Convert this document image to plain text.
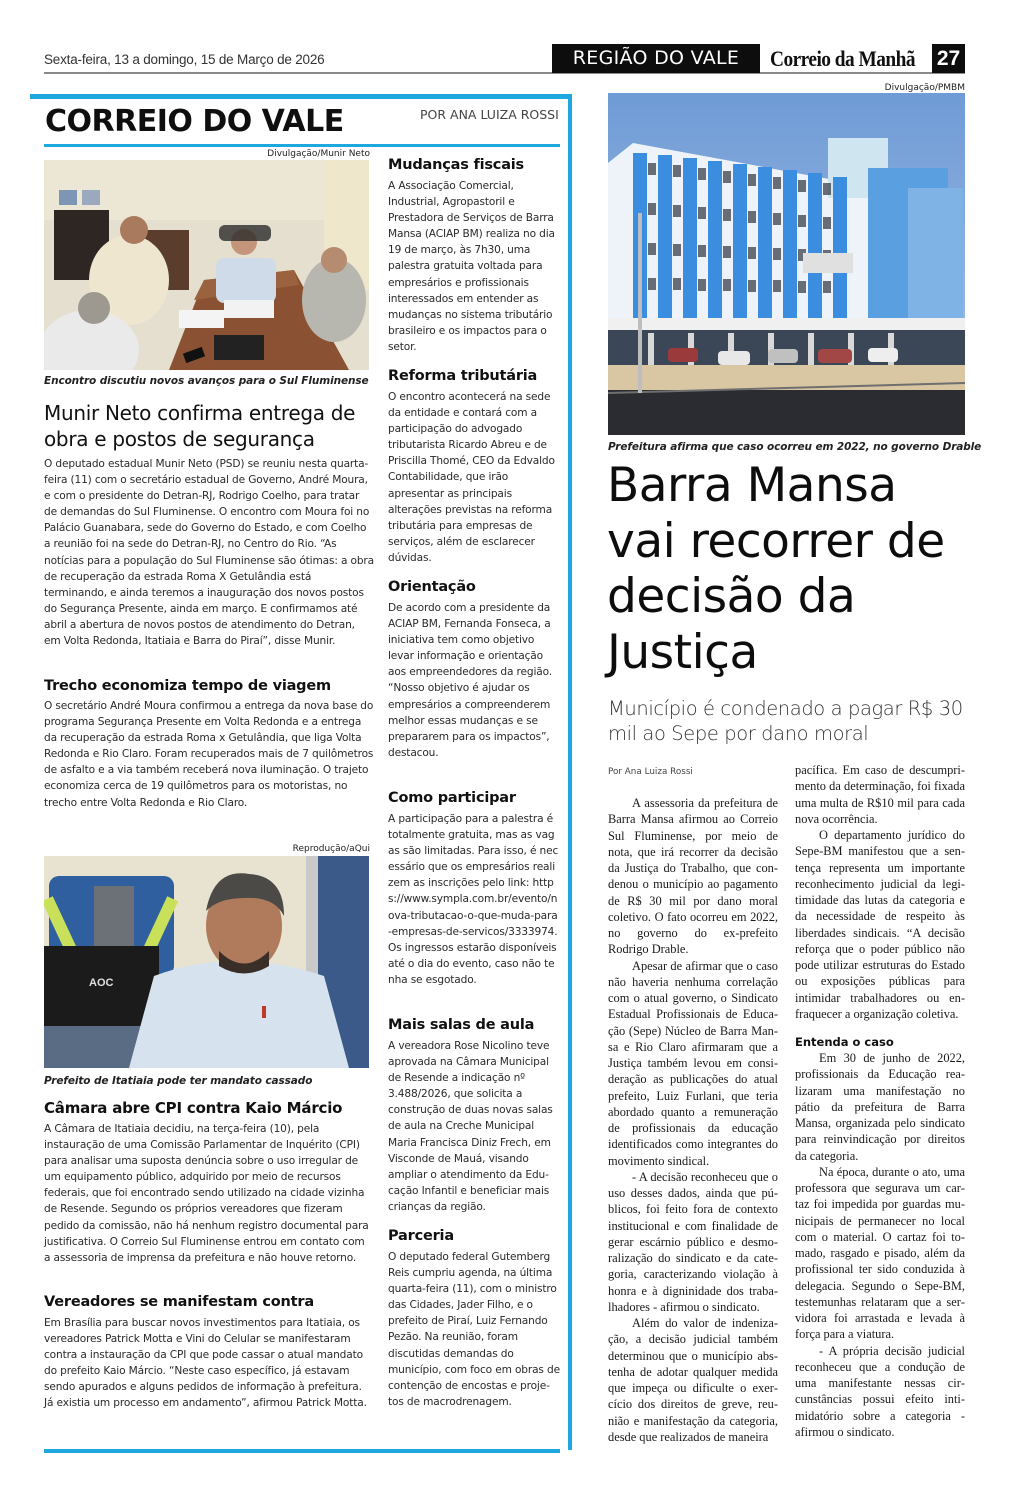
Sexta-feira, 13 a domingo, 15 de Março de 2026	REGIÃO DO VALE	Correio da Manhã 27
CORREIO DO VALE	POR ANA LUIZA ROSSI
Divulgação/Munir Neto
Encontro discutiu novos avanços para o Sul Fluminense
Munir Neto confirma entrega de obra e postos de segurança
O deputado estadual Munir Neto (PSD) se reuniu nesta quarta-feira (11) com o secretário estadual de Governo, André Moura, e com o presidente do Detran-RJ, Rodrigo Coelho, para tratar de demandas do Sul Fluminense. O encontro com Moura foi no Palácio Guanabara, sede do Governo do Estado, e com Coelho a reunião foi na sede do Detran-RJ, no Centro do Rio. “As notícias para a população do Sul Fluminense são ótimas: a obra de recuperação da estrada Roma X Getulândia está terminando, e ainda teremos a inauguração dos novos postos do Segurança Presente, ainda em março. E confirmamos até abril a abertura de novos postos de atendimento do Detran, em Volta Redonda, Itatiaia e Barra do Piraí”, disse Munir.
Trecho economiza tempo de viagem
O secretário André Moura confirmou a entrega da nova base do programa Segurança Presente em Volta Redonda e a entrega da recuperação da estrada Roma x Getulândia, que liga Volta Redonda e Rio Claro. Foram recuperados mais de 7 quilômetros de asfalto e a via também receberá nova iluminação. O trajeto economiza cerca de 19 quilômetros para os motoristas, no trecho entre Volta Redonda e Rio Claro.
Reprodução/aQui
AOC
Prefeito de Itatiaia pode ter mandato cassado
Câmara abre CPI contra Kaio Márcio
A Câmara de Itatiaia decidiu, na terça-feira (10), pela instauração de uma Comissão Parlamentar de Inquérito (CPI) para analisar uma suposta denúncia sobre o uso irregular de um equipamento público, adquirido por meio de recursos federais, que foi encontrado sendo utilizado na cidade vizinha de Resende. Segundo os próprios vereadores que fizeram pedido da comissão, não há nenhum registro documental para justificativa. O Correio Sul Fluminense entrou em contato com a assessoria de imprensa da prefeitura e não houve retorno.
Vereadores se manifestam contra
Em Brasília para buscar novos investimentos para Itatiaia, os vereadores Patrick Motta e Vini do Celular se manifestaram contra a instauração da CPI que pode cassar o atual mandato do prefeito Kaio Márcio. “Neste caso específico, já estavam sendo apurados e alguns pedidos de informação à prefeitura. Já existia um processo em andamento”, afirmou Patrick Motta.
Mudanças fiscais
A Associação Comercial, Industrial, Agropastoril e Prestadora de Serviços de Barra Mansa (ACIAP BM) realiza no dia 19 de março, às 7h30, uma palestra gratuita voltada para empresários e profissionais interessados em entender as mudanças no sistema tributário brasileiro e os impactos para o setor.
Reforma tributária
O encontro acontecerá na sede da entidade e contará com a participação do advogado tributarista Ricardo Abreu e de Priscilla Thomé, CEO da Edvaldo Contabilidade, que irão apresentar as principais alterações previstas na reforma tributária para empresas de serviços, além de esclarecer dúvidas.
Orientação
De acordo com a presidente da ACIAP BM, Fernanda Fonseca, a iniciativa tem como objetivo levar informação e orientação aos empreendedores da região. “Nosso objetivo é ajudar os empresários a compreenderem melhor essas mudanças e se prepararem para os impactos”, destacou.
Como participar
A participação para a palestra é totalmente gratuita, mas as vagas são limitadas. Para isso, é necessário que os empresários realizem as inscrições pelo link: https://www.sympla.com.br/evento/nova-tributacao-o-que-muda-para-empresas-de-servicos/3333974. Os ingressos estarão disponíveis até o dia do evento, caso não tenha se esgotado.
Mais salas de aula
A vereadora Rose Nicolino teve aprovada na Câmara Municipal de Resende a indicação nº 3.488/2026, que solicita a construção de duas novas salas de aula na Creche Municipal Maria Francisca Diniz Frech, em Visconde de Mauá, visando ampliar o atendimento da Educação Infantil e beneficiar mais crianças da região.
Parceria
O deputado federal Gutemberg Reis cumpriu agenda, na última quarta-feira (11), com o ministro das Cidades, Jader Filho, e o prefeito de Piraí, Luiz Fernando Pezão. Na reunião, foram discutidas demandas do município, com foco em obras de contenção de encostas e projetos de macrodrenagem.
Divulgação/PMBM
Prefeitura afirma que caso ocorreu em 2022, no governo Drable
Barra Mansa vai recorrer de decisão da Justiça
Município é condenado a pagar R$ 30 mil ao Sepe por dano moral
Por Ana Luiza Rossi

A assessoria da prefeitura de Barra Mansa afirmou ao Correio Sul Fluminense, por meio de nota, que irá recorrer da decisão da Justiça do Trabalho, que condenou o município ao pagamento de R$ 30 mil por dano moral coletivo. O fato ocorreu em 2022, no governo do ex-prefeito Rodrigo Drable.

Apesar de afirmar que o caso não haveria nenhuma correlação com o atual governo, o Sindicato Estadual Profissionais de Educação (Sepe) Núcleo de Barra Mansa e Rio Claro afirmaram que a Justiça também levou em consideração as publicações do atual prefeito, Luiz Furlani, que teria abordado quanto a remuneração de profissionais da educação identificados como integrantes do movimento sindical.

- A decisão reconheceu que o uso desses dados, ainda que públicos, foi feito fora de contexto institucional e com finalidade de gerar escárnio público e desmoralização do sindicato e da categoria, caracterizando violação à honra e à digninidade dos trabalhadores - afirmou o sindicato.

Além do valor de indenização, a decisão judicial também determinou que o município abstenha de adotar qualquer medida que impeça ou dificulte o exercício dos direitos de greve, reunião e manifestação da categoria, desde que realizados de maneira

pacífica. Em caso de descumprimento da determinação, foi fixada uma multa de R$10 mil para cada nova ocorrência.

O departamento jurídico do Sepe-BM manifestou que a sentença representa um importante reconhecimento judicial da legitimidade das lutas da categoria e da necessidade de respeito às liberdades sindicais. “A decisão reforça que o poder público não pode utilizar estruturas do Estado ou exposições públicas para intimidar trabalhadores ou enfraquecer a organização coletiva.

Entenda o caso

Em 30 de junho de 2022, profissionais da Educação realizaram uma manifestação no pátio da prefeitura de Barra Mansa, organizada pelo sindicato para reinvindicação por direitos da categoria.

Na época, durante o ato, uma professora que segurava um cartaz foi impedida por guardas municipais de permanecer no local com o material. O cartaz foi tomado, rasgado e pisado, além da profissional ter sido conduzida à delegacia. Segundo o Sepe-BM, testemunhas relataram que a servidora foi arrastada e levada à força para a viatura.

- A própria decisão judicial reconheceu que a condução de uma manifestante nessas circunstâncias possui efeito intimidatório sobre a categoria - afirmou o sindicato.
